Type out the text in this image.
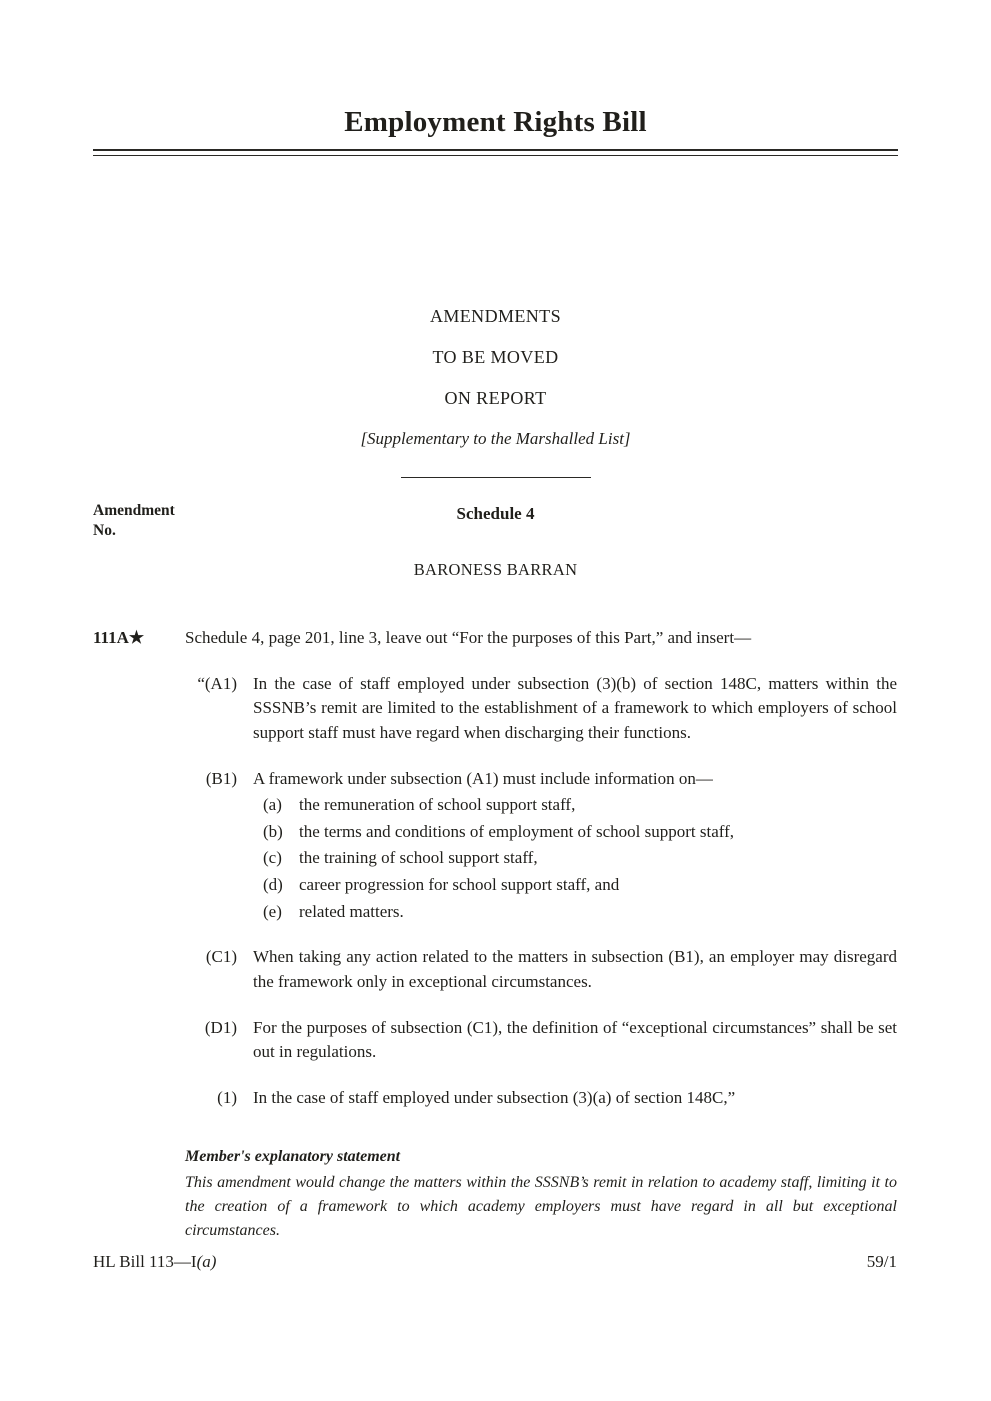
Employment Rights Bill
AMENDMENTS
TO BE MOVED
ON REPORT
[Supplementary to the Marshalled List]
Amendment
No.
Schedule 4
BARONESS BARRAN
111A★	Schedule 4, page 201, line 3, leave out “For the purposes of this Part,” and insert—

“(A1) In the case of staff employed under subsection (3)(b) of section 148C, matters within the SSSNB’s remit are limited to the establishment of a framework to which employers of school support staff must have regard when discharging their functions.
(B1) A framework under subsection (A1) must include information on—
(a)	the remuneration of school support staff,
(b) the terms and conditions of employment of school support staff,
(c)	the training of school support staff,
(d) career progression for school support staff, and
(e)	related matters.
(C1) When taking any action related to the matters in subsection (B1), an employer may disregard the framework only in exceptional circumstances.
(D1) For the purposes of subsection (C1), the definition of “exceptional circumstances” shall be set out in regulations.
(1) In the case of staff employed under subsection (3)(a) of section 148C,”
Member's explanatory statement
This amendment would change the matters within the SSSNB’s remit in relation to academy staff, limiting it to the creation of a framework to which academy employers must have regard in all but exceptional circumstances.
HL Bill 113—I(a)	59/1
